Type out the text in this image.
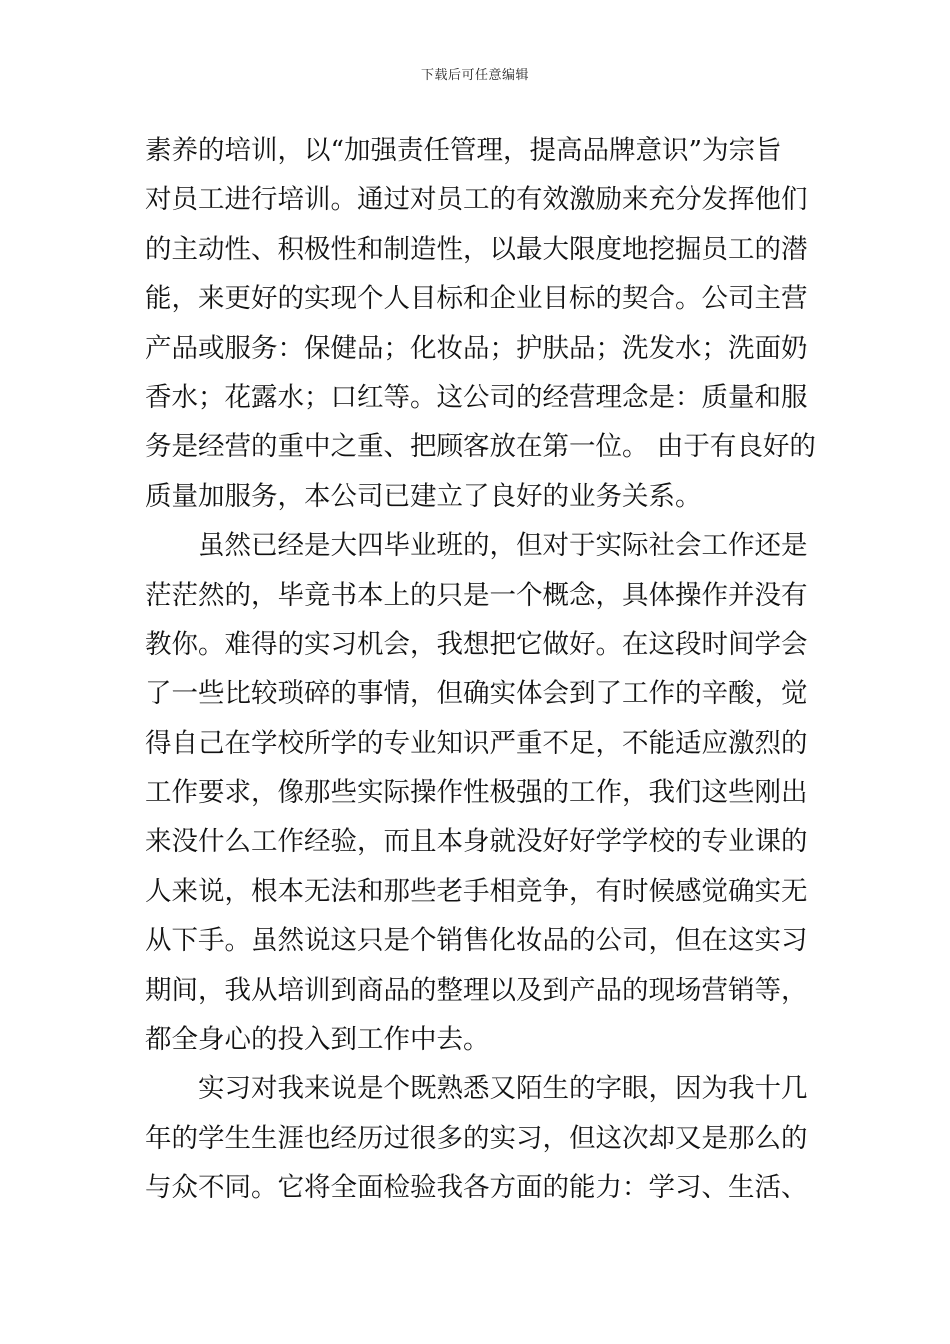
下载后可任意编辑
素养的培训，以“加强责任管理，提高品牌意识”为宗旨
对员工进行培训。通过对员工的有效激励来充分发挥他们
的主动性、积极性和制造性，以最大限度地挖掘员工的潜
能，来更好的实现个人目标和企业目标的契合。公司主营
产品或服务：保健品；化妆品；护肤品；洗发水；洗面奶
香水；花露水；口红等。这公司的经营理念是：质量和服
务是经营的重中之重、把顾客放在第一位。 由于有良好的
质量加服务，本公司已建立了良好的业务关系。
　　虽然已经是大四毕业班的，但对于实际社会工作还是
茫茫然的，毕竟书本上的只是一个概念，具体操作并没有
教你。难得的实习机会，我想把它做好。在这段时间学会
了一些比较琐碎的事情，但确实体会到了工作的辛酸，觉
得自己在学校所学的专业知识严重不足，不能适应激烈的
工作要求，像那些实际操作性极强的工作，我们这些刚出
来没什么工作经验，而且本身就没好好学学校的专业课的
人来说，根本无法和那些老手相竞争，有时候感觉确实无
从下手。虽然说这只是个销售化妆品的公司，但在这实习
期间，我从培训到商品的整理以及到产品的现场营销等，
都全身心的投入到工作中去。
　　实习对我来说是个既熟悉又陌生的字眼，因为我十几
年的学生生涯也经历过很多的实习，但这次却又是那么的
与众不同。它将全面检验我各方面的能力：学习、生活、
